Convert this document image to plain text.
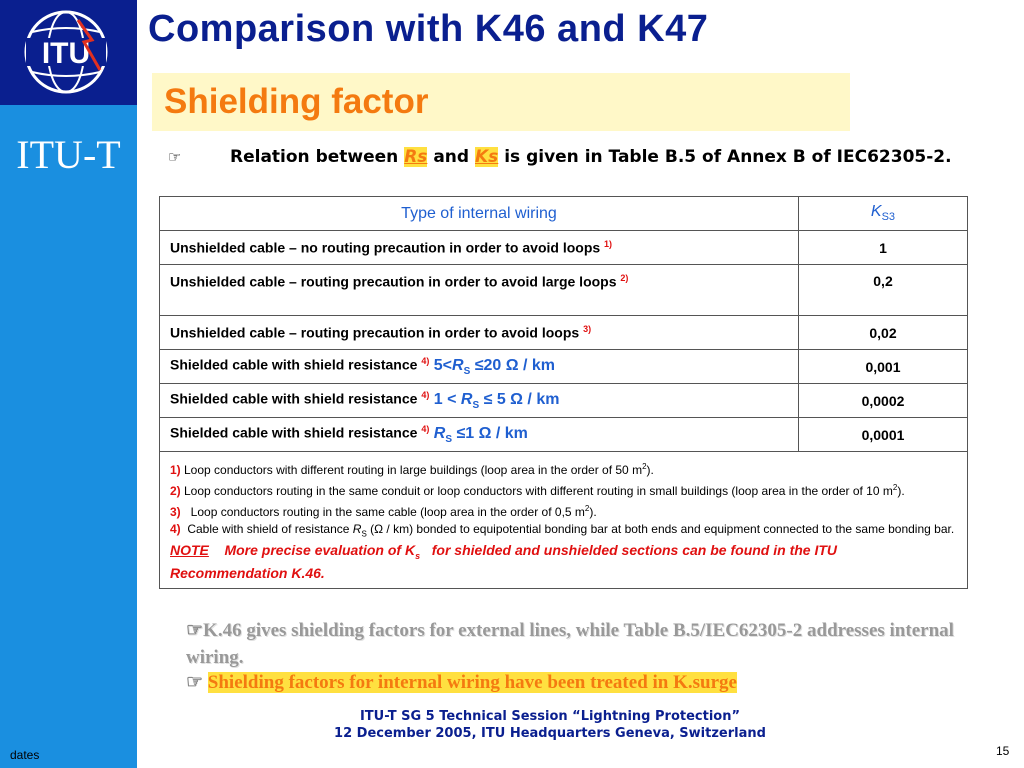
ITU
ITU-T
dates
Comparison with K46 and K47
Shielding factor
☞	Relation between Rs and Ks is given in Table B.5 of Annex B of IEC62305-2.
Type of internal wiring	$K_{S3}$
Unshielded cable – no routing precaution in order to avoid loops $^{1)}$	1
Unshielded cable – routing precaution in order to avoid large loops $^{2)}$	0,2
Unshielded cable – routing precaution in order to avoid loops $^{3)}$	0,02
Shielded cable with shield resistance $^{4)}$ $5<R_S \le 20$ Ω / km	0,001
Shielded cable with shield resistance $^{4)}$ $1 < R_S \le 5$ Ω / km	0,0002
Shielded cable with shield resistance $^{4)}$ $R_S \le 1$ Ω / km	0,0001

1) Loop conductors with different routing in large buildings (loop area in the order of 50 $m^2$).
2) Loop conductors routing in the same conduit or loop conductors with different routing in small buildings (loop area in the order of 10 $m^2$).
3)   Loop conductors routing in the same cable (loop area in the order of 0,5 $m^2$).
4)  Cable with shield of resistance $R_S$ (Ω / km) bonded to equipotential bonding bar at both ends and equipment connected to the same bonding bar.
NOTE    More precise evaluation of $K_s$   for shielded and unshielded sections can be found in the ITU Recommendation K.46.	
☞K.46 gives shielding factors for external lines, while Table B.5/IEC62305-2 addresses internal wiring.
☞ Shielding factors for internal wiring have been treated in K.surge
ITU-T SG 5 Technical Session “Lightning Protection”
12 December 2005, ITU Headquarters Geneva, Switzerland
15
